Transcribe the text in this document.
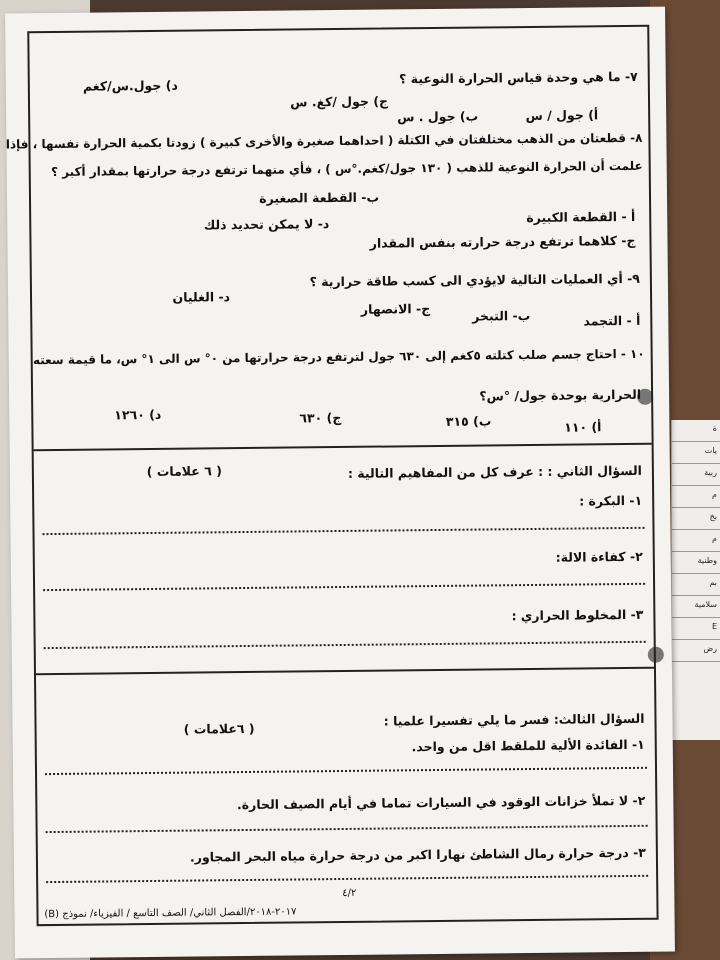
ة
يات
ربية
م
بخ
م
وطنية
بم
سلامية
E
رض
٧- ما هي وحدة قياس الحرارة النوعية ؟
د) جول.س/كغم
ج) جول /كغ. س
أ) جول / س
ب) جول . س
٨- قطعتان من الذهب مختلفتان في الكتلة ( احداهما صغيرة والأخرى كبيرة ) زودتا بكمية الحرارة نفسها ، فإذا
علمت أن الحرارة النوعية للذهب ( ١٣٠ جول/كغم.°س ) ، فأي منهما ترتفع درجة حرارتها بمقدار أكبر ؟
ب- القطعة الصغيرة
أ - القطعة الكبيرة
د- لا يمكن تحديد ذلك
ج- كلاهما ترتفع درجة حرارته بنفس المقدار
٩- أي العمليات التالية لايؤدي الى كسب طاقة حرارية ؟
د- الغليان
ج- الانصهار	ب- التبخر	أ - التجمد
١٠ - احتاج جسم صلب كتلته ٥كغم إلى ٦٣٠ جول لترتفع درجة حرارتها من ٠° س الى ١° س، ما قيمة سعته
الحرارية بوحدة جول/ °س؟
د) ١٢٦٠	ج) ٦٣٠	ب) ٣١٥	أ) ١١٠
السؤال الثاني : : عرف كل من المفاهيم التالية :
( ٦ علامات )
١- البكرة :
٢- كفاءة الالة:
٣- المخلوط الحراري :
السؤال الثالث: فسر ما يلي تفسيرا علميا :
( ٦علامات )
١- الفائدة الألية للملقط اقل من واحد.
٢- لا تملأ خزانات الوقود في السيارات تماما في أيام الصيف الحارة.
٣- درجة حرارة رمال الشاطئ نهارا اكبر من درجة حرارة مياه البحر المجاور.
٤/٢
٢٠١٧-٢٠١٨/الفصل الثاني/ الصف التاسع / الفيزياء/ نموذج (B)
